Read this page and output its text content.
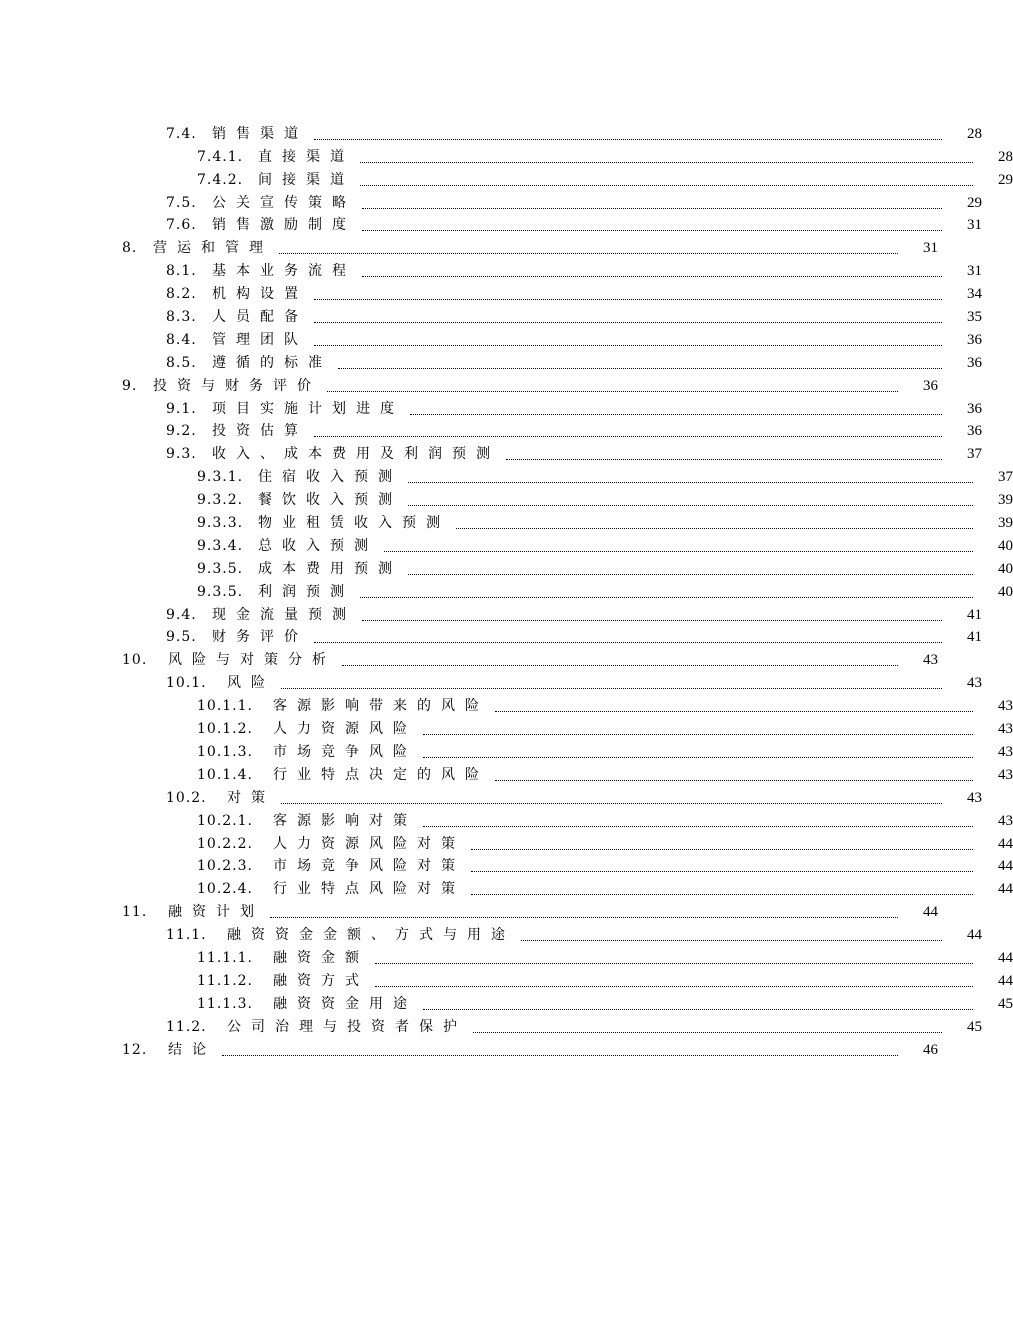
7.4.	销售渠道	28
7.4.1.	直接渠道	28
7.4.2.	间接渠道	29
7.5.	公关宣传策略	29
7.6.	销售激励制度	31
8.	营运和管理	31
8.1.	基本业务流程	31
8.2.	机构设置	34
8.3.	人员配备	35
8.4.	管理团队	36
8.5.	遵循的标准	36
9.	投资与财务评价	36
9.1.	项目实施计划进度	36
9.2.	投资估算	36
9.3.	收入、成本费用及利润预测	37
9.3.1.	住宿收入预测	37
9.3.2.	餐饮收入预测	39
9.3.3.	物业租赁收入预测	39
9.3.4.	总收入预测	40
9.3.5.	成本费用预测	40
9.3.5.	利润预测	40
9.4.	现金流量预测	41
9.5.	财务评价	41
10.	风险与对策分析	43
10.1.	风险	43
10.1.1.	客源影响带来的风险	43
10.1.2.	人力资源风险	43
10.1.3.	市场竞争风险	43
10.1.4.	行业特点决定的风险	43
10.2.	对策	43
10.2.1.	客源影响对策	43
10.2.2.	人力资源风险对策	44
10.2.3.	市场竞争风险对策	44
10.2.4.	行业特点风险对策	44
11.	融资计划	44
11.1.	融资资金金额、方式与用途	44
11.1.1.	融资金额	44
11.1.2.	融资方式	44
11.1.3.	融资资金用途	45
11.2.	公司治理与投资者保护	45
12.	结论	46
